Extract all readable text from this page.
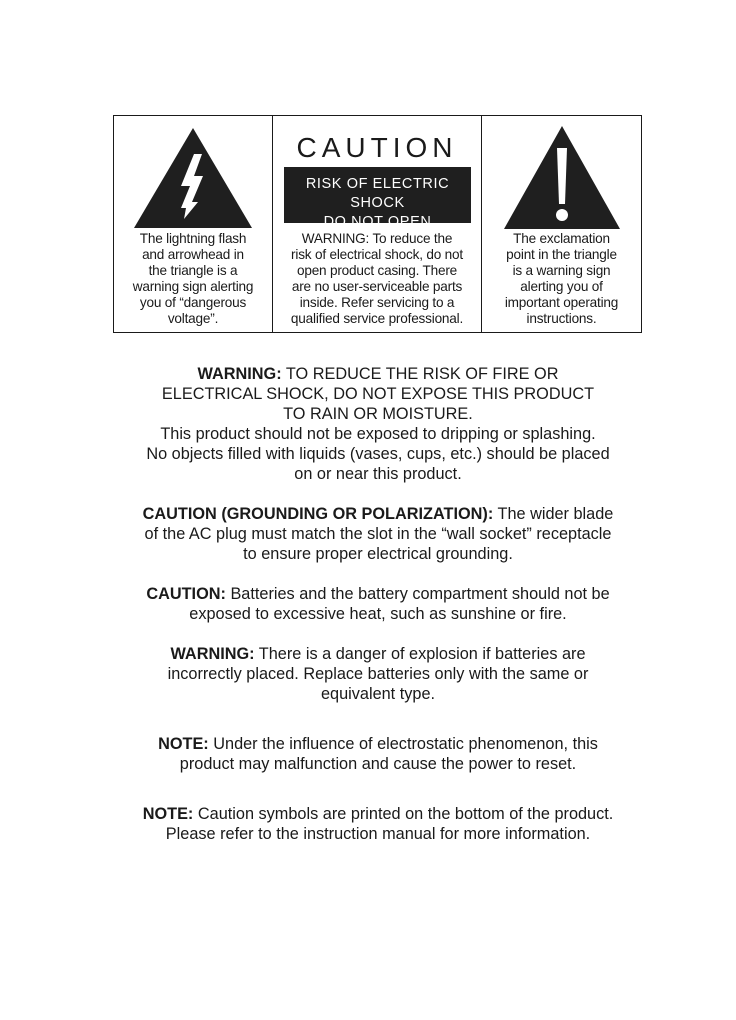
The lightning flash
and arrowhead in
the triangle is a
warning sign alerting
you of “dangerous
voltage”.
CAUTION
RISK OF ELECTRIC SHOCK
DO NOT OPEN
WARNING: To reduce the
risk of electrical shock, do not
open product casing. There
are no user-serviceable parts
inside. Refer servicing to a
qualified service professional.
The exclamation
point in the triangle
is a warning sign
alerting you of
important operating
instructions.

WARNING: TO REDUCE THE RISK OF FIRE OR
ELECTRICAL SHOCK, DO NOT EXPOSE THIS PRODUCT
TO RAIN OR MOISTURE.
This product should not be exposed to dripping or splashing.
No objects filled with liquids (vases, cups, etc.) should be placed
on or near this product.

CAUTION (GROUNDING OR POLARIZATION): The wider blade
of the AC plug must match the slot in the “wall socket” receptacle
to ensure proper electrical grounding.

CAUTION: Batteries and the battery compartment should not be
exposed to excessive heat, such as sunshine or fire.

WARNING: There is a danger of explosion if batteries are
incorrectly placed. Replace batteries only with the same or
equivalent type.

NOTE: Under the influence of electrostatic phenomenon, this
product may malfunction and cause the power to reset.

NOTE: Caution symbols are printed on the bottom of the product.
Please refer to the instruction manual for more information.
